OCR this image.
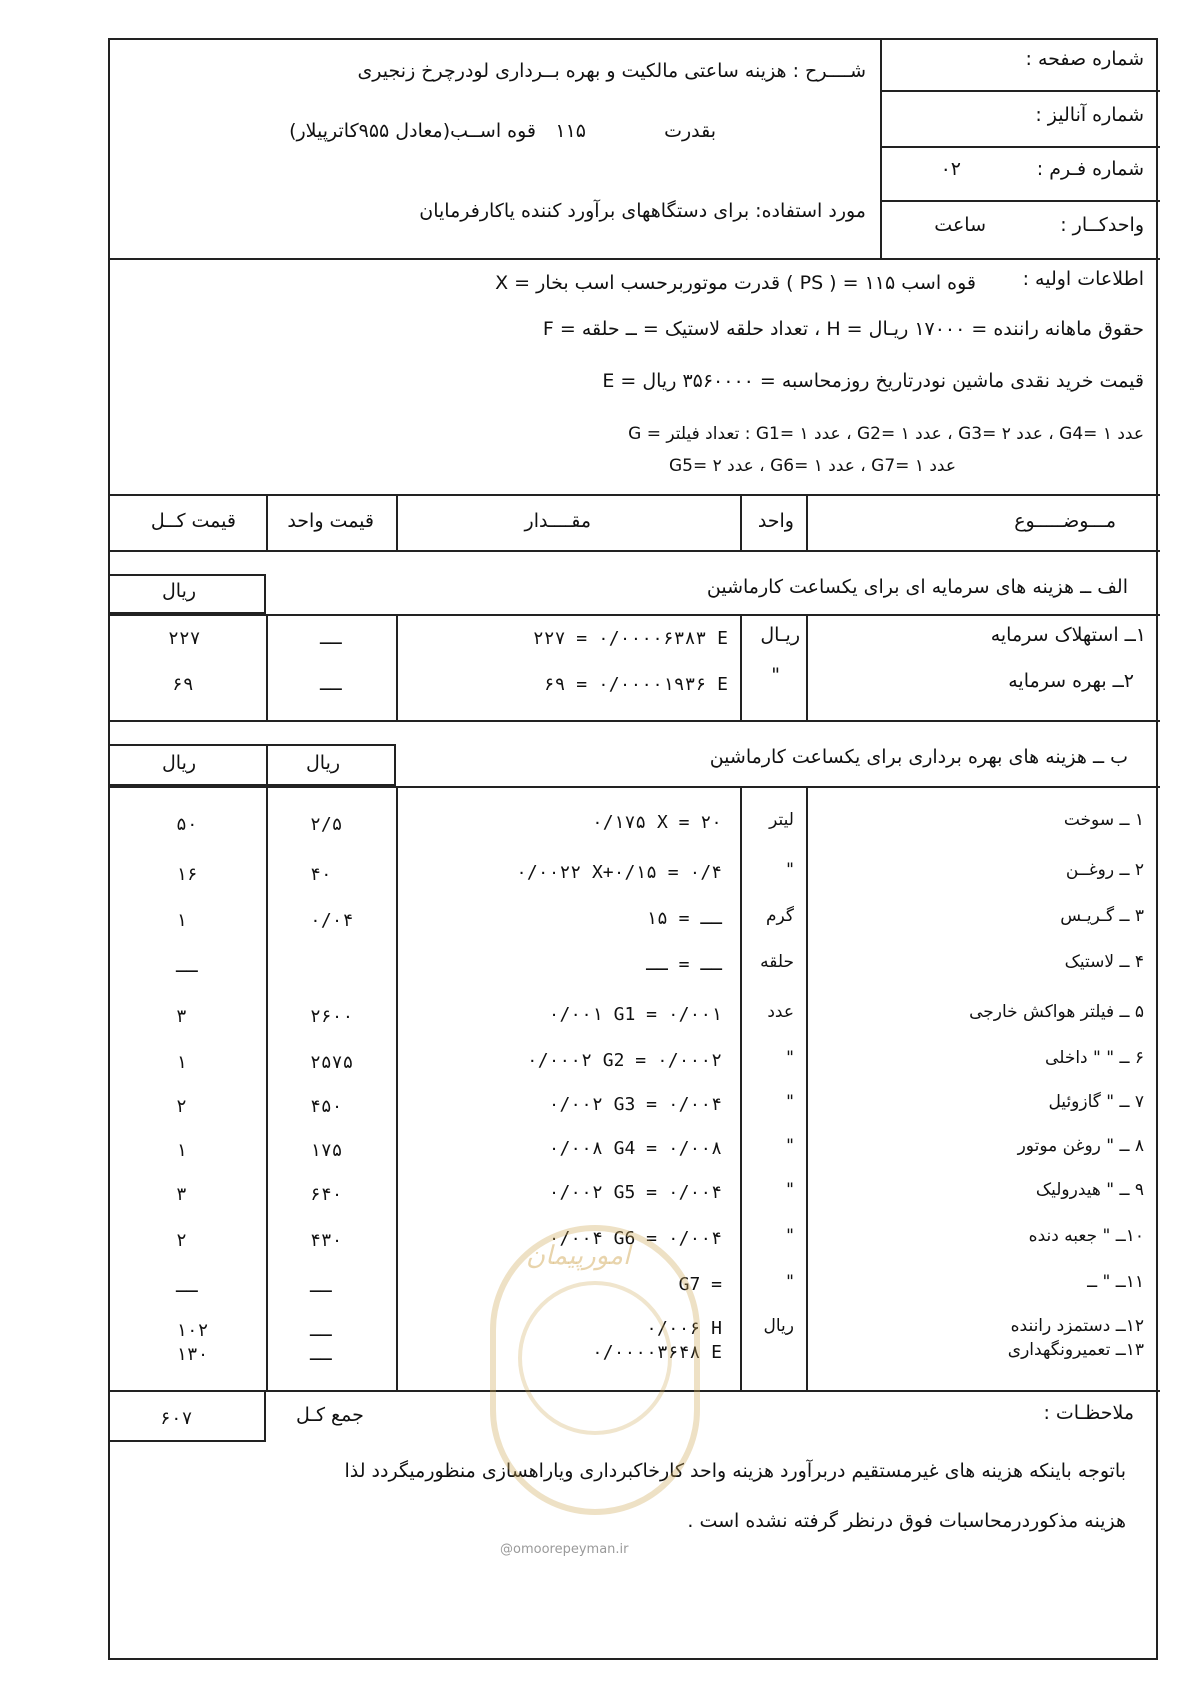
شــــرح : هزینه ساعتی مالکیت و بهره بــرداری لودرچرخ زنجیری
بقدرت
۱۱۵
قوه اســب(معادل ۹۵۵کاترپیلار)
مورد استفاده: برای دستگاههای برآورد کننده یاکارفرمایان
شماره صفحه :
شماره آنالیز :
شماره فـرم :
۰۲
واحدکــار :
ساعت
اطلاعات اولیه :
X = قدرت موتوربرحسب اسب بخار ( PS ) = ۱۱۵ قوه اسب
F = تعداد حلقه لاستیک = ــ حلقه ، H = حقوق ماهانه راننده = ۱۷۰۰۰ ریـال
E = قیمت خرید نقدی ماشین نودرتاریخ روزمحاسبه = ۳۵۶۰۰۰۰ ریال
G = تعداد فیلتر : G1= ۱ عدد ، G2= ۱ عدد ، G3= ۲ عدد ، G4= ۱ عدد
G5= ۲ عدد ، G6= ۱ عدد ، G7= ۱ عدد
مـــوضـــــوع
واحد
مقــــدار
قیمت واحد
قیمت کــل
الف ــ هزینه های سرمایه ای برای یکساعت کارماشین
ریال
۱ــ استهلاک سرمایه
ریـال
۲۲۷ = ۰/۰۰۰۰۶۳۸۳ E
ــ
۲۲۷
۲ــ بهره سرمایه
"
۶۹ = ۰/۰۰۰۰۱۹۳۶ E
ــ
۶۹
ب ــ هزینه های بهره برداری برای یکساعت کارماشین
ریال	ریال
۱ ــ سوخت
لیتر
۰/۱۷۵ X = ۲۰
۲/۵
۵۰
۲ ــ روغــن
"
۰/۰۰۲۲ X+۰/۱۵ = ۰/۴
۴۰
۱۶
۳ ــ گـریـس
گرم
ــ = ۱۵
۰/۰۴
۱
۴ ــ لاستیک
حلقه
ــ = ــ
ــ
۵ ــ فیلتر هواکش خارجی
عدد
۰/۰۰۱ G1 = ۰/۰۰۱
۲۶۰۰
۳
۶ ــ " " داخلی
"
۰/۰۰۰۲ G2 = ۰/۰۰۰۲
۲۵۷۵
۱
۷ ــ " گازوئیل
"
۰/۰۰۲ G3 = ۰/۰۰۴
۴۵۰
۲
۸ ــ " روغن موتور
"
۰/۰۰۸ G4 = ۰/۰۰۸
۱۷۵
۱
۹ ــ " هیدرولیک
"
۰/۰۰۲ G5 = ۰/۰۰۴
۶۴۰
۳
۱۰ــ " جعبه دنده
"
۰/۰۰۴ G6 = ۰/۰۰۴
۴۳۰
۲
۱۱ــ " ــ
"
G7 =
ــ
ــ
۱۲ــ دستمزد راننده
ریال
۰/۰۰۶ H
ــ
۱۰۲
۱۳ــ تعمیرونگهداری
۰/۰۰۰۰۳۶۴۸ E
ــ
۱۳۰
ملاحظـات :
۶۰۷	جمع کـل
باتوجه باینکه هزینه های غیرمستقیم دربرآورد هزینه واحد کارخاکبرداری ویاراهسازی منظورمیگردد لذا
هزینه مذکوردرمحاسبات فوق درنظر گرفته نشده است .
امورپیمان
@omoorepeyman.ir
